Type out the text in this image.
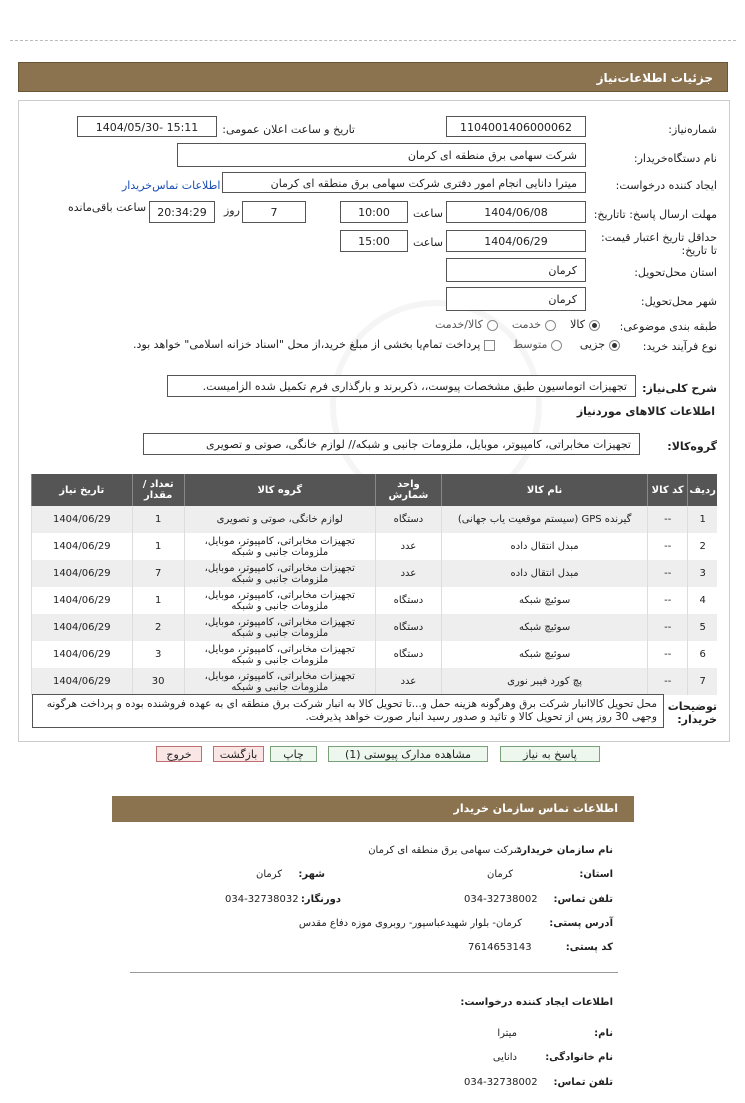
جزئیات اطلاعات‌نیاز
شماره‌نیاز:
1104001406000062
تاریخ و ساعت اعلان عمومی:
1404/05/30- 15:11
نام دستگاه‌خریدار:
شرکت سهامی برق منطقه ای کرمان
ایجاد کننده درخواست:
میترا دانایی انجام امور دفتری شرکت سهامی برق منطقه ای کرمان
اطلاعات تماس‌خریدار
مهلت ارسال پاسخ: تاتاریخ:
1404/06/08
ساعت
10:00
7
روز
20:34:29
ساعت باقی‌مانده
حداقل تاریخ اعتبار قیمت: تا تاریخ:
1404/06/29
ساعت
15:00
استان محل‌تحویل:
کرمان
شهر محل‌تحویل:
کرمان
طبقه بندی موضوعی:
کالا    خدمت    کالا/خدمت
نوع فرآیند خرید:
جزیی     متوسط     پرداخت تمام‌یا بخشی از مبلغ خرید،از محل "اسناد خزانه اسلامی" خواهد بود.
شرح کلی‌نیاز:
تجهیزات اتوماسیون طبق مشخصات پیوست،، ذکربرند و بارگذاری فرم تکمیل شده الزامیست.
اطلاعات کالاهای موردنیاز
گروه‌کالا:
تجهیزات مخابراتی، کامپیوتر، موبایل، ملزومات جانبی و شبکه// لوازم خانگی، صوتی و تصویری
ردیف	کد کالا	نام کالا	واحد شمارش	گروه کالا	تعداد / مقدار	تاریخ نیاز
1	--	گیرنده GPS (سیستم موقعیت یاب جهانی)	دستگاه	لوازم خانگی، صوتی و تصویری	1	1404/06/29
2	--	مبدل انتقال داده	عدد	تجهیزات مخابراتی، کامپیوتر، موبایل، ملزومات جانبی و شبکه	1	1404/06/29
3	--	مبدل انتقال داده	عدد	تجهیزات مخابراتی، کامپیوتر، موبایل، ملزومات جانبی و شبکه	7	1404/06/29
4	--	سوئیچ شبکه	دستگاه	تجهیزات مخابراتی، کامپیوتر، موبایل، ملزومات جانبی و شبکه	1	1404/06/29
5	--	سوئیچ شبکه	دستگاه	تجهیزات مخابراتی، کامپیوتر، موبایل، ملزومات جانبی و شبکه	2	1404/06/29
6	--	سوئیچ شبکه	دستگاه	تجهیزات مخابراتی، کامپیوتر، موبایل، ملزومات جانبی و شبکه	3	1404/06/29
7	--	پچ کورد فیبر نوری	عدد	تجهیزات مخابراتی، کامپیوتر، موبایل، ملزومات جانبی و شبکه	30	1404/06/29
توضیحات خریدار:
محل تحویل کالاانبار شرکت برق وهرگونه هزینه حمل و...تا تحویل کالا به انبار شرکت برق منطقه ای به عهده فروشنده بوده و پرداخت هرگونه وجهی 30 روز پس از تحویل کالا و تائید و صدور رسید انبار صورت خواهد پذیرفت.
پاسخ به نیاز
مشاهده مدارک پیوستی (1)
چاپ
بازگشت
خروج
اطلاعات تماس سازمان خریدار
نام سازمان خریدار:
شرکت سهامی برق منطقه ای کرمان
استان:
کرمان
شهر:
کرمان
تلفن تماس:
034-32738002
دورنگار:
034-32738032
آدرس پستی:
کرمان- بلوار شهیدعباسپور- روبروی موزه دفاع مقدس
کد پستی:
7614653143
اطلاعات ایجاد کننده درخواست:
نام:
میترا
نام خانوادگی:
دانایی
تلفن تماس:
034-32738002
